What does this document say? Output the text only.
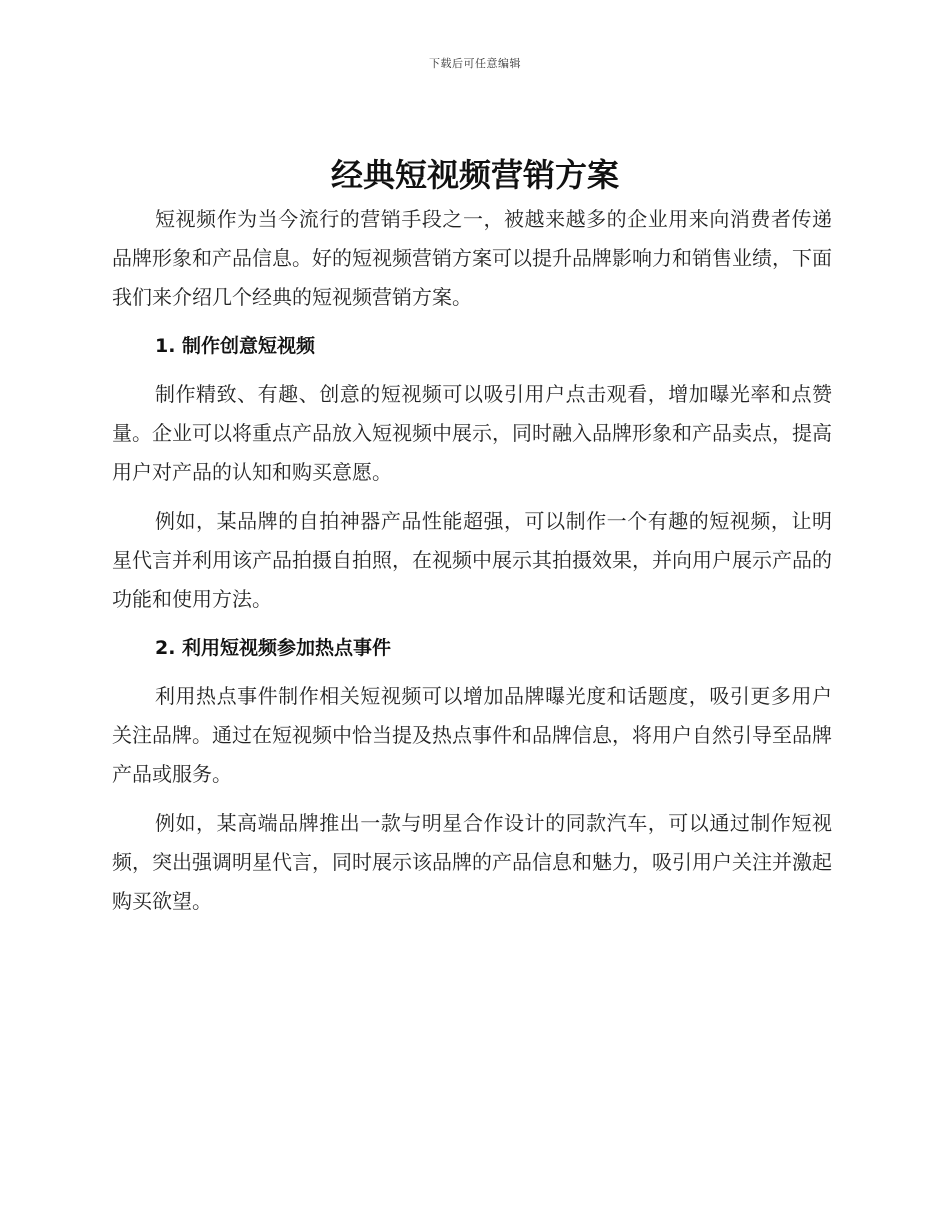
下载后可任意编辑
经典短视频营销方案

短视频作为当今流行的营销手段之一，被越来越多的企业用来向消费者传递品牌形象和产品信息。好的短视频营销方案可以提升品牌影响力和销售业绩，下面我们来介绍几个经典的短视频营销方案。

1. 制作创意短视频

制作精致、有趣、创意的短视频可以吸引用户点击观看，增加曝光率和点赞量。企业可以将重点产品放入短视频中展示，同时融入品牌形象和产品卖点，提高用户对产品的认知和购买意愿。

例如，某品牌的自拍神器产品性能超强，可以制作一个有趣的短视频，让明星代言并利用该产品拍摄自拍照，在视频中展示其拍摄效果，并向用户展示产品的功能和使用方法。

2. 利用短视频参加热点事件

利用热点事件制作相关短视频可以增加品牌曝光度和话题度，吸引更多用户关注品牌。通过在短视频中恰当提及热点事件和品牌信息，将用户自然引导至品牌产品或服务。

例如，某高端品牌推出一款与明星合作设计的同款汽车，可以通过制作短视频，突出强调明星代言，同时展示该品牌的产品信息和魅力，吸引用户关注并激起购买欲望。
